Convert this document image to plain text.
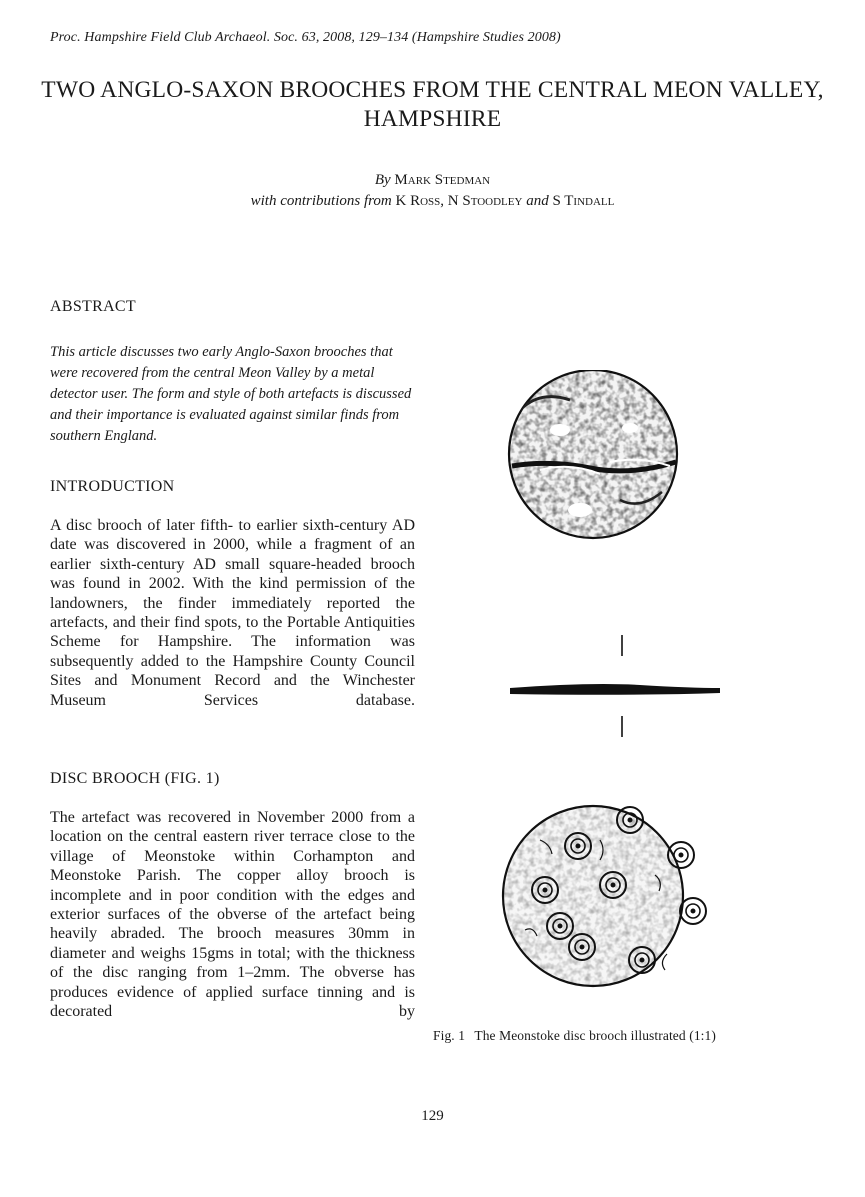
Proc. Hampshire Field Club Archaeol. Soc. 63, 2008, 129–134 (Hampshire Studies 2008)
TWO ANGLO-SAXON BROOCHES FROM THE CENTRAL MEON VALLEY, HAMPSHIRE
By Mark Stedman
with contributions from K Ross, N Stoodley and S Tindall
ABSTRACT

This article discusses two early Anglo-Saxon brooches that were recovered from the central Meon Valley by a metal detector user. The form and style of both artefacts is discussed and their importance is evaluated against similar finds from southern England.

INTRODUCTION

A disc brooch of later fifth- to earlier sixth-century AD date was discovered in 2000, while a fragment of an earlier sixth-century AD small square-headed brooch was found in 2002. With the kind permission of the landowners, the finder immediately reported the artefacts, and their find spots, to the Portable Antiquities Scheme for Hampshire. The information was subsequently added to the Hampshire County Council Sites and Monument Record and the Winchester Museum Services database.

DISC BROOCH (FIG. 1)

The artefact was recovered in November 2000 from a location on the central eastern river terrace close to the village of Meonstoke within Corhampton and Meonstoke Parish. The copper alloy brooch is incomplete and in poor condition with the edges and exterior surfaces of the obverse of the artefact being heavily abraded. The brooch measures 30mm in diameter and weighs 15gms in total; with the thickness of the disc ranging from 1–2mm. The obverse has produces evidence of applied surface tinning and is decorated by

Fig. 1 The Meonstoke disc brooch illustrated (1:1)
129
